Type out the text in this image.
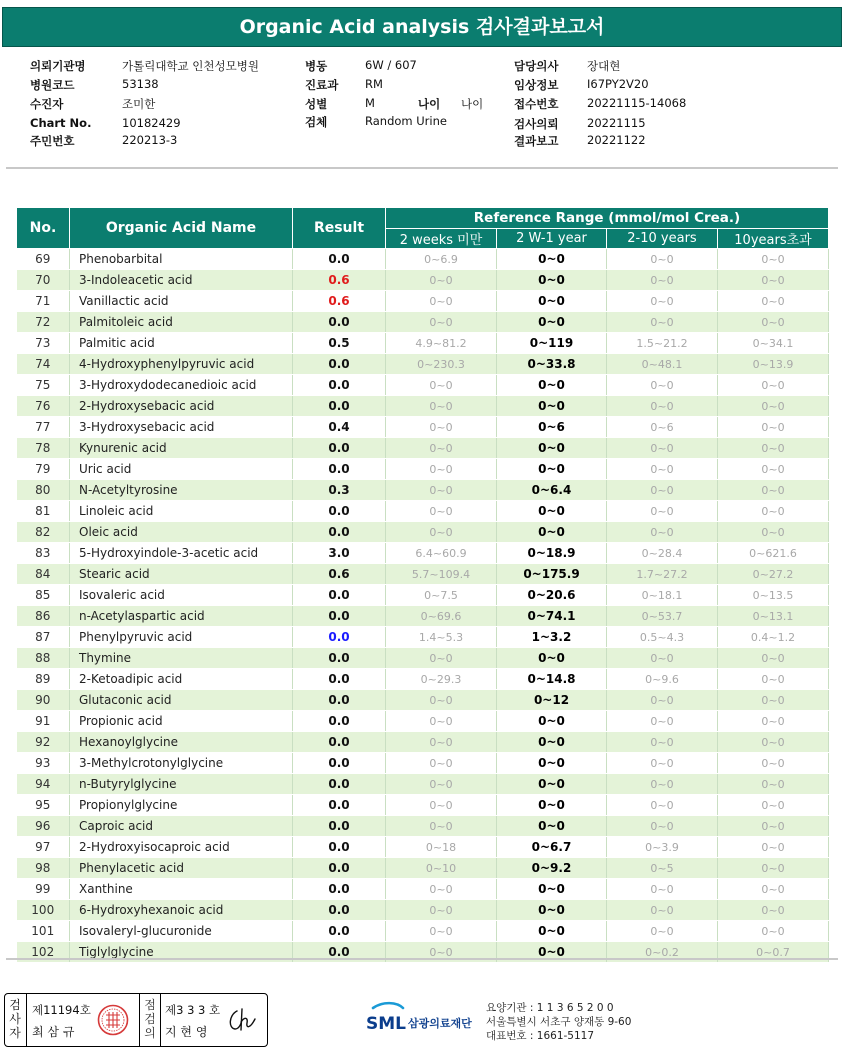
Organic Acid analysis 검사결과보고서
의뢰기관명	가톨릭대학교 인천성모병원
병원코드	53138
수진자	조미한
Chart No.	10182429
주민번호	220213-3
병동	6W / 607
진료과 RM
성별	M	나이 나이
검체	Random Urine
담당의사 장대현
임상정보 I67PY2V20
접수번호 20221115-14068
검사의뢰 20221115
결과보고 20221122
No.	Organic Acid Name	Result	Reference Range (mmol/mol Crea.)			
			2 weeks 미만	2 W-1 year	2-10 years	10years초과
69	Phenobarbital	0.0	0~6.9	0~0	0~0	0~0
70	3-Indoleacetic acid	0.6	0~0	0~0	0~0	0~0
71	Vanillactic acid	0.6	0~0	0~0	0~0	0~0
72	Palmitoleic acid	0.0	0~0	0~0	0~0	0~0
73	Palmitic acid	0.5	4.9~81.2	0~119	1.5~21.2	0~34.1
74	4-Hydroxyphenylpyruvic acid	0.0	0~230.3	0~33.8	0~48.1	0~13.9
75	3-Hydroxydodecanedioic acid	0.0	0~0	0~0	0~0	0~0
76	2-Hydroxysebacic acid	0.0	0~0	0~0	0~0	0~0
77	3-Hydroxysebacic acid	0.4	0~0	0~6	0~6	0~0
78	Kynurenic acid	0.0	0~0	0~0	0~0	0~0
79	Uric acid	0.0	0~0	0~0	0~0	0~0
80	N-Acetyltyrosine	0.3	0~0	0~6.4	0~0	0~0
81	Linoleic acid	0.0	0~0	0~0	0~0	0~0
82	Oleic acid	0.0	0~0	0~0	0~0	0~0
83	5-Hydroxyindole-3-acetic acid	3.0	6.4~60.9	0~18.9	0~28.4	0~621.6
84	Stearic acid	0.6	5.7~109.4	0~175.9	1.7~27.2	0~27.2
85	Isovaleric acid	0.0	0~7.5	0~20.6	0~18.1	0~13.5
86	n-Acetylaspartic acid	0.0	0~69.6	0~74.1	0~53.7	0~13.1
87	Phenylpyruvic acid	0.0	1.4~5.3	1~3.2	0.5~4.3	0.4~1.2
88	Thymine	0.0	0~0	0~0	0~0	0~0
89	2-Ketoadipic acid	0.0	0~29.3	0~14.8	0~9.6	0~0
90	Glutaconic acid	0.0	0~0	0~12	0~0	0~0
91	Propionic acid	0.0	0~0	0~0	0~0	0~0
92	Hexanoylglycine	0.0	0~0	0~0	0~0	0~0
93	3-Methylcrotonylglycine	0.0	0~0	0~0	0~0	0~0
94	n-Butyrylglycine	0.0	0~0	0~0	0~0	0~0
95	Propionylglycine	0.0	0~0	0~0	0~0	0~0
96	Caproic acid	0.0	0~0	0~0	0~0	0~0
97	2-Hydroxyisocaproic acid	0.0	0~18	0~6.7	0~3.9	0~0
98	Phenylacetic acid	0.0	0~10	0~9.2	0~5	0~0
99	Xanthine	0.0	0~0	0~0	0~0	0~0
100	6-Hydroxyhexanoic acid	0.0	0~0	0~0	0~0	0~0
101	Isovaleryl-glucuronide	0.0	0~0	0~0	0~0	0~0
102	Tiglylglycine	0.0	0~0	0~0	0~0.2	0~0.7
검
사
자
제11194호
최 삼 규
점
검
의
제3 3 3 호
지 현 영	SML 삼광의료재단
요양기관 : 1 1 3 6 5 2 0 0
서울특별시 서초구 양재동 9-60
대표번호 : 1661-5117
